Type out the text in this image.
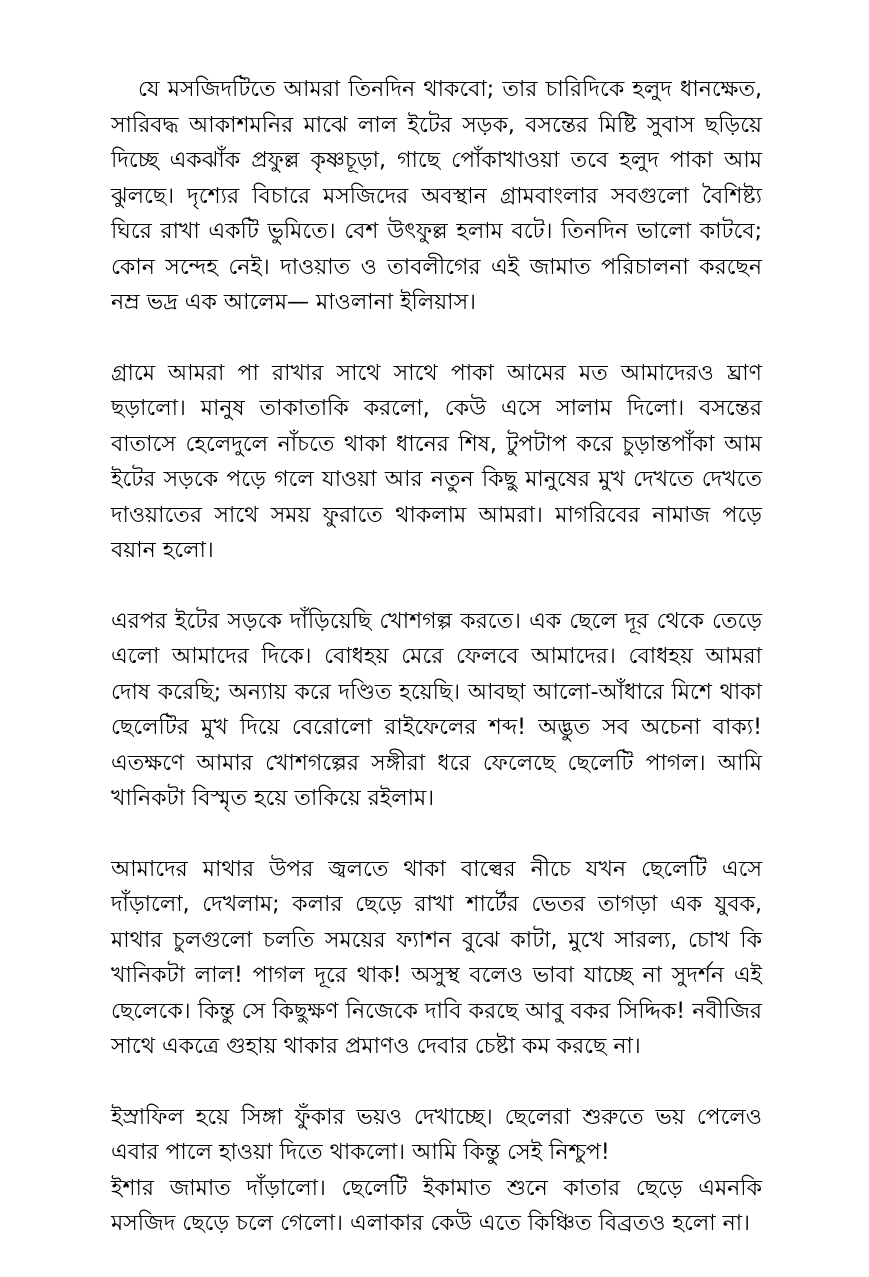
যে মসজিদটিতে আমরা তিনদিন থাকবো; তার চারিদিকে হলুদ ধানক্ষেত, সারিবদ্ধ আকাশমনির মাঝে লাল ইটের সড়ক, বসন্তের মিষ্টি সুবাস ছড়িয়ে দিচ্ছে একঝাঁক প্রফুল্ল কৃষ্ণচূড়া, গাছে পোঁকাখাওয়া তবে হলুদ পাকা আম ঝুলছে। দৃশ্যের বিচারে মসজিদের অবস্থান গ্রামবাংলার সবগুলো বৈশিষ্ট্য ঘিরে রাখা একটি ভুমিতে। বেশ উৎফুল্ল হলাম বটে। তিনদিন ভালো কাটবে; কোন সন্দেহ নেই। দাওয়াত ও তাবলীগের এই জামাত পরিচালনা করছেন নম্র ভদ্র এক আলেম— মাওলানা ইলিয়াস।

গ্রামে আমরা পা রাখার সাথে সাথে পাকা আমের মত আমাদেরও ঘ্রাণ ছড়ালো। মানুষ তাকাতাকি করলো, কেউ এসে সালাম দিলো। বসন্তের বাতাসে হেলেদুলে নাঁচতে থাকা ধানের শিষ, টুপটাপ করে চুড়ান্তপাঁকা আম ইটের সড়কে পড়ে গলে যাওয়া আর নতুন কিছু মানুষের মুখ দেখতে দেখতে দাওয়াতের সাথে সময় ফুরাতে থাকলাম আমরা। মাগরিবের নামাজ পড়ে বয়ান হলো।

এরপর ইটের সড়কে দাঁড়িয়েছি খোশগল্প করতে। এক ছেলে দূর থেকে তেড়ে এলো আমাদের দিকে। বোধহয় মেরে ফেলবে আমাদের। বোধহয় আমরা দোষ করেছি; অন্যায় করে দণ্ডিত হয়েছি। আবছা আলো-আঁধারে মিশে থাকা ছেলেটির মুখ দিয়ে বেরোলো রাইফেলের শব্দ! অদ্ভুত সব অচেনা বাক্য! এতক্ষণে আমার খোশগল্পের সঙ্গীরা ধরে ফেলেছে ছেলেটি পাগল। আমি খানিকটা বিস্মৃত হয়ে তাকিয়ে রইলাম।

আমাদের মাথার উপর জ্বলতে থাকা বাল্বের নীচে যখন ছেলেটি এসে দাঁড়ালো, দেখলাম; কলার ছেড়ে রাখা শার্টের ভেতর তাগড়া এক যুবক, মাথার চুলগুলো চলতি সময়ের ফ্যাশন বুঝে কাটা, মুখে সারল্য, চোখ কি খানিকটা লাল! পাগল দূরে থাক! অসুস্থ বলেও ভাবা যাচ্ছে না সুদর্শন এই ছেলেকে। কিন্তু সে কিছুক্ষণ নিজেকে দাবি করছে আবু বকর সিদ্দিক! নবীজির সাথে একত্রে গুহায় থাকার প্রমাণও দেবার চেষ্টা কম করছে না।

ইস্রাফিল হয়ে সিঙ্গা ফুঁকার ভয়ও দেখাচ্ছে। ছেলেরা শুরুতে ভয় পেলেও এবার পালে হাওয়া দিতে থাকলো। আমি কিন্তু সেই নিশ্চুপ!

ইশার জামাত দাঁড়ালো। ছেলেটি ইকামাত শুনে কাতার ছেড়ে এমনকি মসজিদ ছেড়ে চলে গেলো। এলাকার কেউ এতে কিঞ্চিত বিব্রতও হলো না।
